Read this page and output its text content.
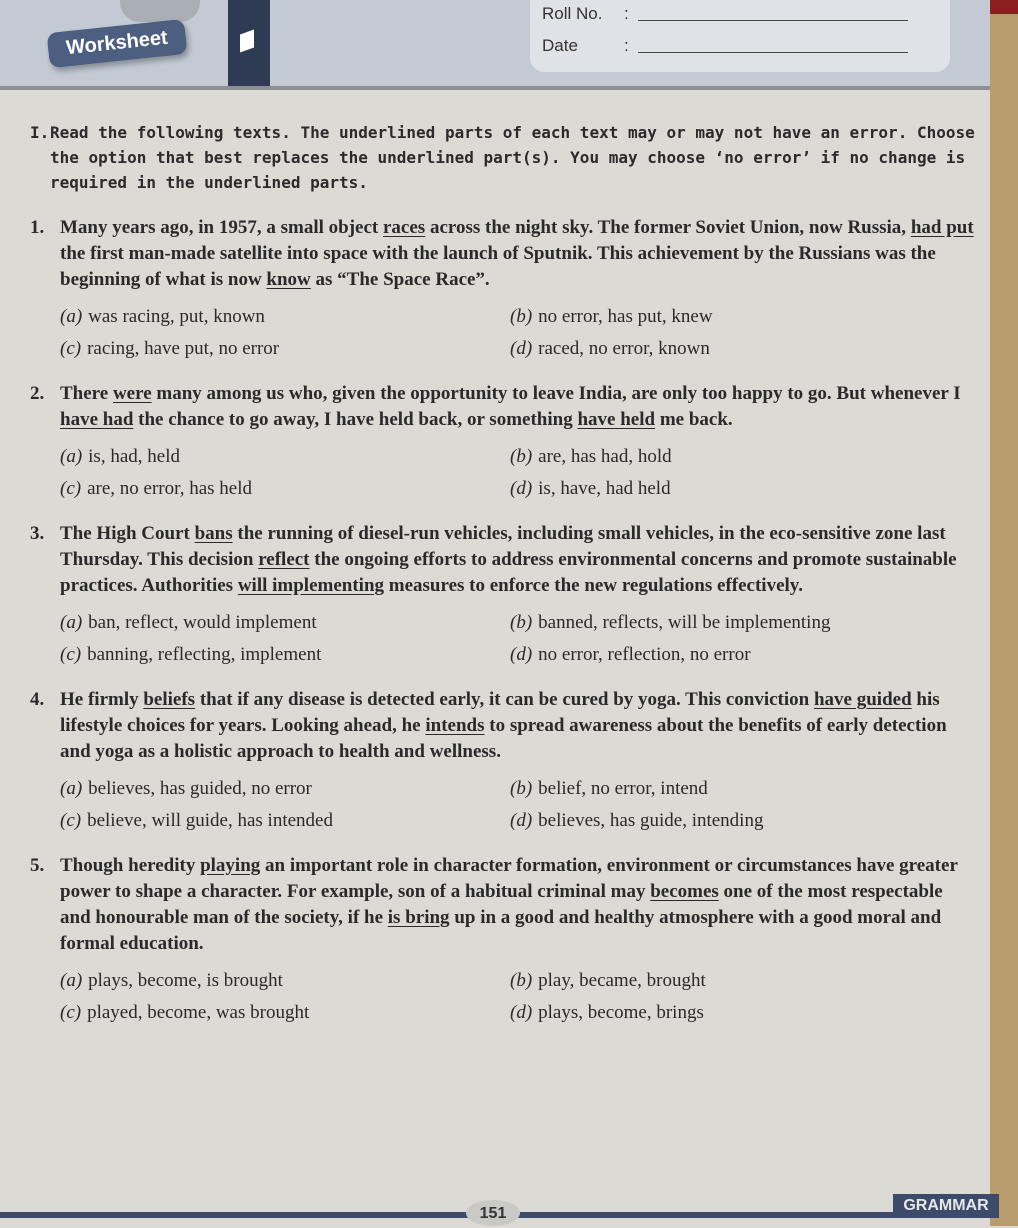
Worksheet
Roll No. :
Date	:
I. Read the following texts. The underlined parts of each text may or may not have an error. Choose the option that best replaces the underlined part(s). You may choose ‘no error’ if no change is required in the underlined parts.
1. Many years ago, in 1957, a small object races across the night sky. The former Soviet Union, now Russia, had put the first man-made satellite into space with the launch of Sputnik. This achievement by the Russians was the beginning of what is now know as “The Space Race”.
(a) was racing, put, known	(b) no error, has put, knew
(c) racing, have put, no error	(d) raced, no error, known
2. There were many among us who, given the opportunity to leave India, are only too happy to go. But whenever I have had the chance to go away, I have held back, or something have held me back.
(a) is, had, held	(b) are, has had, hold
(c) are, no error, has held	(d) is, have, had held
3. The High Court bans the running of diesel-run vehicles, including small vehicles, in the eco-sensitive zone last Thursday. This decision reflect the ongoing efforts to address environmental concerns and promote sustainable practices. Authorities will implementing measures to enforce the new regulations effectively.
(a) ban, reflect, would implement	(b) banned, reflects, will be implementing
(c) banning, reflecting, implement	(d) no error, reflection, no error
4. He firmly beliefs that if any disease is detected early, it can be cured by yoga. This conviction have guided his lifestyle choices for years. Looking ahead, he intends to spread awareness about the benefits of early detection and yoga as a holistic approach to health and wellness.
(a) believes, has guided, no error	(b) belief, no error, intend
(c) believe, will guide, has intended	(d) believes, has guide, intending
5. Though heredity playing an important role in character formation, environment or circumstances have greater power to shape a character. For example, son of a habitual criminal may becomes one of the most respectable and honourable man of the society, if he is bring up in a good and healthy atmosphere with a good moral and formal education.
(a) plays, become, is brought	(b) play, became, brought
(c) played, become, was brought	(d) plays, become, brings
151	GRAMMAR
